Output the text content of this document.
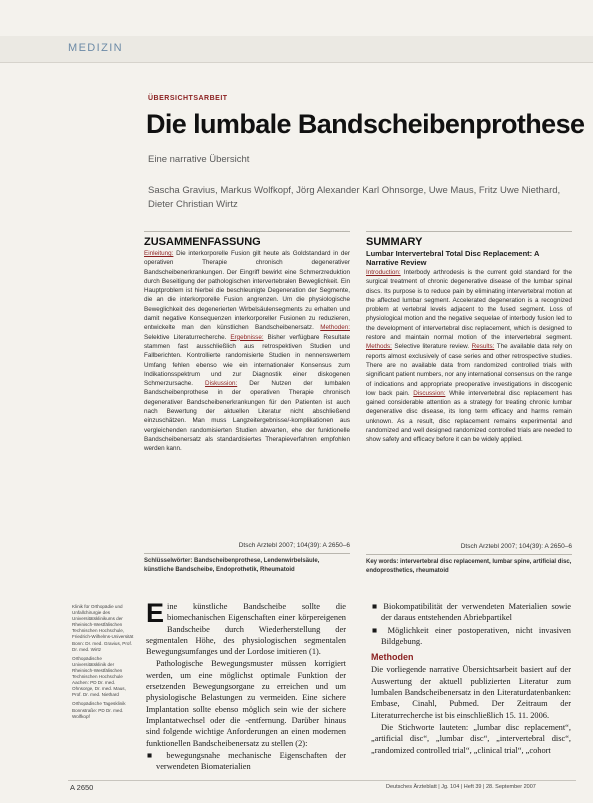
MEDIZIN
ÜBERSICHTSARBEIT
Die lumbale Bandscheibenprothese
Eine narrative Übersicht
Sascha Gravius, Markus Wolfkopf, Jörg Alexander Karl Ohnsorge, Uwe Maus, Fritz Uwe Niethard, Dieter Christian Wirtz
ZUSAMMENFASSUNG
Einleitung: Die interkorporelle Fusion gilt heute als Goldstandard in der operativen Therapie chronisch degenerativer Bandscheibenerkrankungen. Der Eingriff bewirkt eine Schmerzreduktion durch Beseitigung der pathologischen intervertebralen Beweglichkeit. Ein Hauptproblem ist hierbei die beschleunigte Degeneration der Segmente, die an die interkorporelle Fusion angrenzen. Um die physiologische Beweglichkeit des degenerierten Wirbelsäulensegments zu erhalten und damit negative Konsequenzen interkorporeller Fusionen zu reduzieren, entwickelte man den künstlichen Bandscheibenersatz. Methoden: Selektive Literaturrecherche. Ergebnisse: Bisher verfügbare Resultate stammen fast ausschließlich aus retrospektiven Studien und Fallberichten. Kontrollierte randomisierte Studien in nennenswertem Umfang fehlen ebenso wie ein internationaler Konsensus zum Indikationsspektrum und zur Diagnostik einer diskogenen Schmerzursache. Diskussion: Der Nutzen der lumbalen Bandscheibenprothese in der operativen Therapie chronisch degenerativer Bandscheibenerkrankungen für den Patienten ist auch nach Bewertung der aktuellen Literatur nicht abschließend einzuschätzen. Man muss Langzeitergebnisse/-komplikationen aus vergleichenden randomisierten Studien abwarten, ehe der funktionelle Bandscheibenersatz als standardisiertes Therapieverfahren empfohlen werden kann.
Dtsch Arztebl 2007; 104(39): A 2650–6
Schlüsselwörter: Bandscheibenprothese, Lendenwirbelsäule, künstliche Bandscheibe, Endoprothetik, Rheumatoid
SUMMARY
Lumbar Intervertebral Total Disc Replacement: A Narrative Review
Introduction: Interbody arthrodesis is the current gold standard for the surgical treatment of chronic degenerative disease of the lumbar spinal discs. Its purpose is to reduce pain by eliminating intervertebral motion at the affected lumbar segment. Accelerated degeneration is a recognized problem at vertebral levels adjacent to the fused segment. Loss of physiological motion and the negative sequelae of interbody fusion led to the development of intervertebral disc replacement, which is designed to restore and maintain normal motion of the intervertebral segment. Methods: Selective literature review. Results: The available data rely on reports almost exclusively of case series and other retrospective studies. There are no available data from randomized controlled trials with significant patient numbers, nor any international consensus on the range of indications and appropriate preoperative investigations in discogenic low back pain. Discussion: While intervertebral disc replacement has gained considerable attention as a strategy for treating chronic lumbar degenerative disc disease, its long term efficacy and harms remain unknown. As a result, disc replacement remains experimental and randomized and well designed randomized controlled trials are needed to show safety and efficacy before it can be widely applied.
Dtsch Arztebl 2007; 104(39): A 2650–6
Key words: intervertebral disc replacement, lumbar spine, artificial disc, endoprosthetics, rheumatoid

Klinik für Orthopädie und Unfallchirurgie des Universitätsklinikums der Rheinisch-Westfälischen Technischen Hochschule, Friedrich-Wilhelms-Universität Bonn: Dr. med. Gravius, Prof. Dr. med. Wirtz

Orthopädische Universitätsklinik der Rheinisch-Westfälischen Technischen Hochschule Aachen: PD Dr. med. Ohnsorge, Dr. med. Maus, Prof. Dr. med. Niethard

Orthopädische Tagesklinik Bonnstraße: PD Dr. med. Wolfkopf

Eine künstliche Bandscheibe sollte die biomechanischen Eigenschaften einer körpereigenen Bandscheibe durch Wiederherstellung der segmentalen Höhe, des physiologischen segmentalen Bewegungsumfanges und der Lordose imitieren (1).

Pathologische Bewegungsmuster müssen korrigiert werden, um eine möglichst optimale Funktion der ersetzenden Bewegungsorgane zu erreichen und um physiologische Belastungen zu vermeiden. Eine sichere Implantation sollte ebenso möglich sein wie der sichere Implantatwechsel oder die -entfernung. Darüber hinaus sind folgende wichtige Anforderungen an einen modernen funktionellen Bandscheibenersatz zu stellen (2):

■ bewegungsnahe mechanische Eigenschaften der verwendeten Biomaterialien

■ Biokompatibilität der verwendeten Materialien sowie der daraus entstehenden Abriebpartikel

■ Möglichkeit einer postoperativen, nicht invasiven Bildgebung.

Methoden

Die vorliegende narrative Übersichtsarbeit basiert auf der Auswertung der aktuell publizierten Literatur zum lumbalen Bandscheibenersatz in den Literaturdatenbanken: Embase, Cinahl, Pubmed. Der Zeitraum der Literaturrecherche ist bis einschließlich 15. 11. 2006.

Die Stichworte lauteten: „lumbar disc replacement“, „artificial disc“, „lumbar disc“, „intervertebral disc“, „randomized controlled trial“, „clinical trial“, „cohort

A 2650	Deutsches Ärzteblatt | Jg. 104 | Heft 39 | 28. September 2007
